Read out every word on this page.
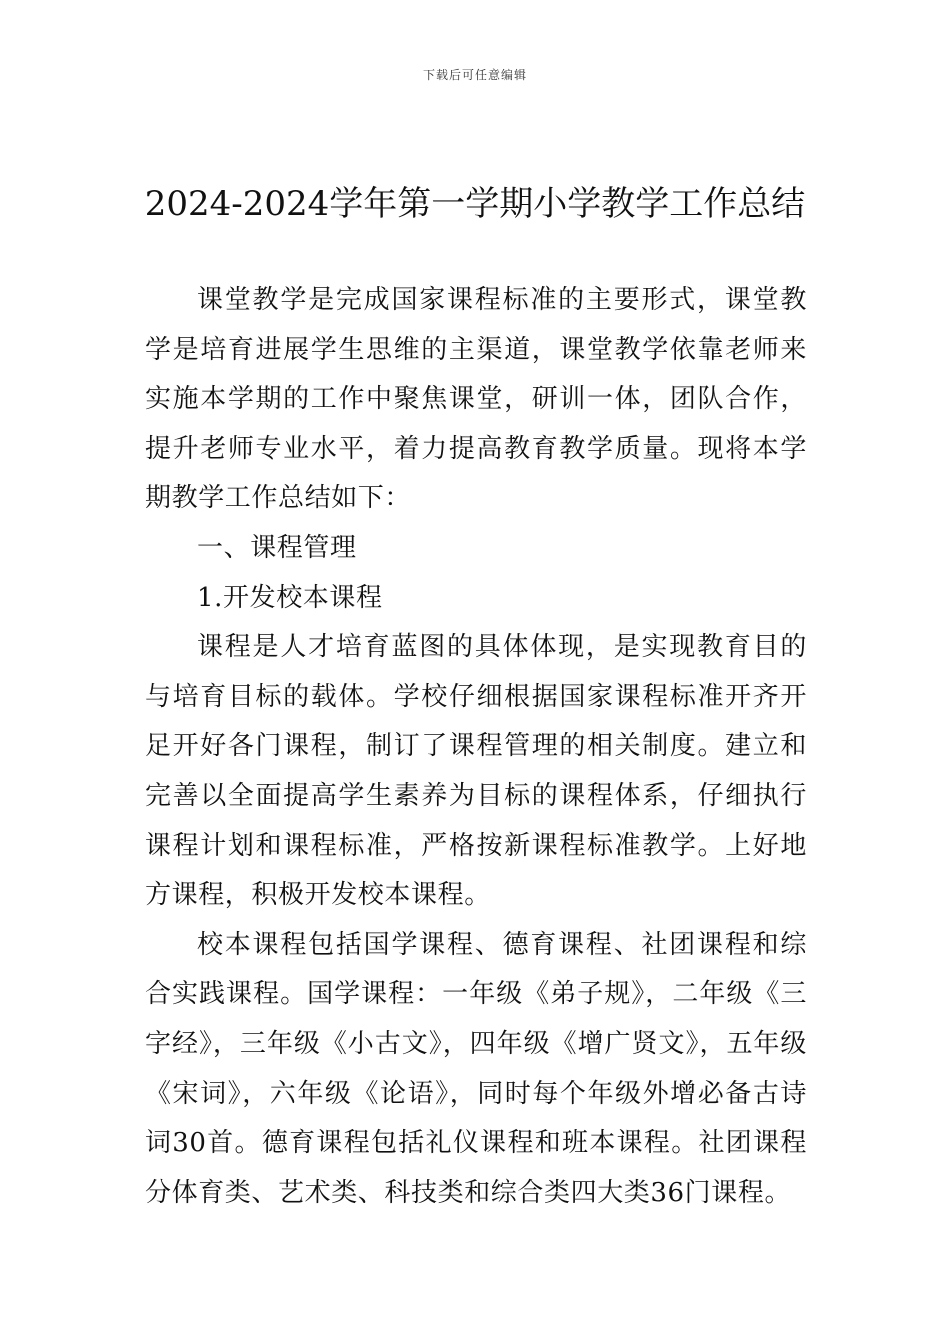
下载后可任意编辑
2024-2024学年第一学期小学教学工作总结

课堂教学是完成国家课程标准的主要形式，课堂教学是培育进展学生思维的主渠道，课堂教学依靠老师来实施本学期的工作中聚焦课堂，研训一体，团队合作，提升老师专业水平，着力提高教育教学质量。现将本学期教学工作总结如下：

一、课程管理

1.开发校本课程

课程是人才培育蓝图的具体体现，是实现教育目的与培育目标的载体。学校仔细根据国家课程标准开齐开足开好各门课程，制订了课程管理的相关制度。建立和完善以全面提高学生素养为目标的课程体系，仔细执行课程计划和课程标准，严格按新课程标准教学。上好地方课程，积极开发校本课程。

校本课程包括国学课程、德育课程、社团课程和综合实践课程。国学课程：一年级《弟子规》，二年级《三字经》，三年级《小古文》，四年级《增广贤文》，五年级《宋词》，六年级《论语》，同时每个年级外增必备古诗词30首。德育课程包括礼仪课程和班本课程。社团课程分体育类、艺术类、科技类和综合类四大类36门课程。
